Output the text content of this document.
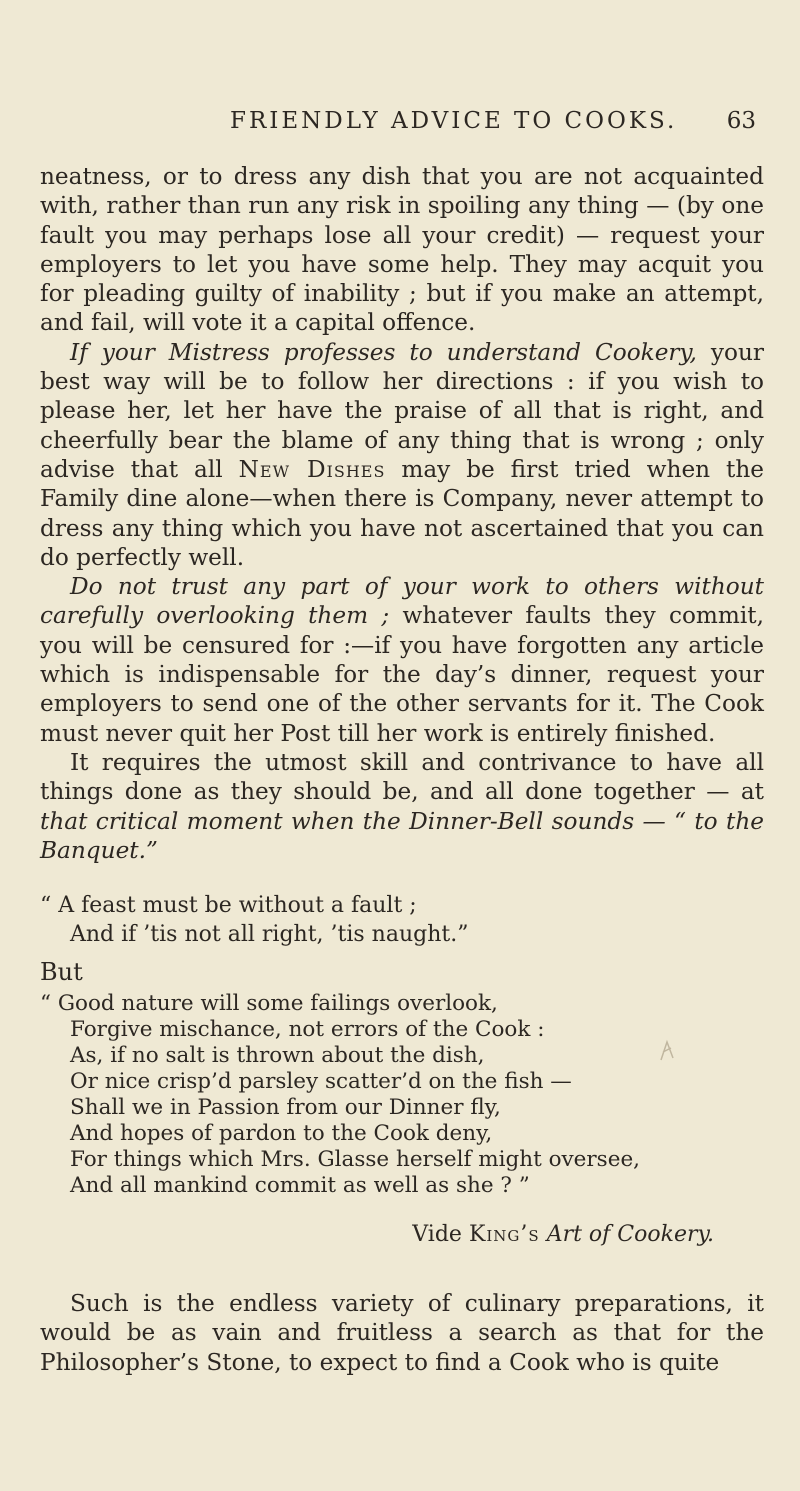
FRIENDLY ADVICE TO COOKS. 63

neatness, or to dress any dish that you are not acquainted with, rather than run any risk in spoiling any thing — (by one fault you may perhaps lose all your credit) — request your employers to let you have some help. They may acquit you for pleading guilty of inability ; but if you make an attempt, and fail, will vote it a capital offence.

If your Mistress professes to understand Cookery, your best way will be to follow her directions : if you wish to please her, let her have the praise of all that is right, and cheerfully bear the blame of any thing that is wrong ; only advise that all New Dishes may be first tried when the Family dine alone—when there is Company, never attempt to dress any thing which you have not ascertained that you can do perfectly well.

Do not trust any part of your work to others without carefully overlooking them ; whatever faults they commit, you will be censured for :—if you have forgotten any article which is indispensable for the day’s dinner, request your employers to send one of the other servants for it. The Cook must never quit her Post till her work is entirely finished.

It requires the utmost skill and contrivance to have all things done as they should be, and all done together — at that critical moment when the Dinner-Bell sounds — “ to the Banquet.”

“ A feast must be without a fault ;

And if ’tis not all right, ’tis naught.”

But

“ Good nature will some failings overlook,

Forgive mischance, not errors of the Cook :

As, if no salt is thrown about the dish,

Or nice crisp’d parsley scatter’d on the fish —

Shall we in Passion from our Dinner fly,

And hopes of pardon to the Cook deny,

For things which Mrs. Glasse herself might oversee,

And all mankind commit as well as she ? ”

Vide King’s Art of Cookery.

Such is the endless variety of culinary preparations, it would be as vain and fruitless a search as that for the Philosopher’s Stone, to expect to find a Cook who is quite
